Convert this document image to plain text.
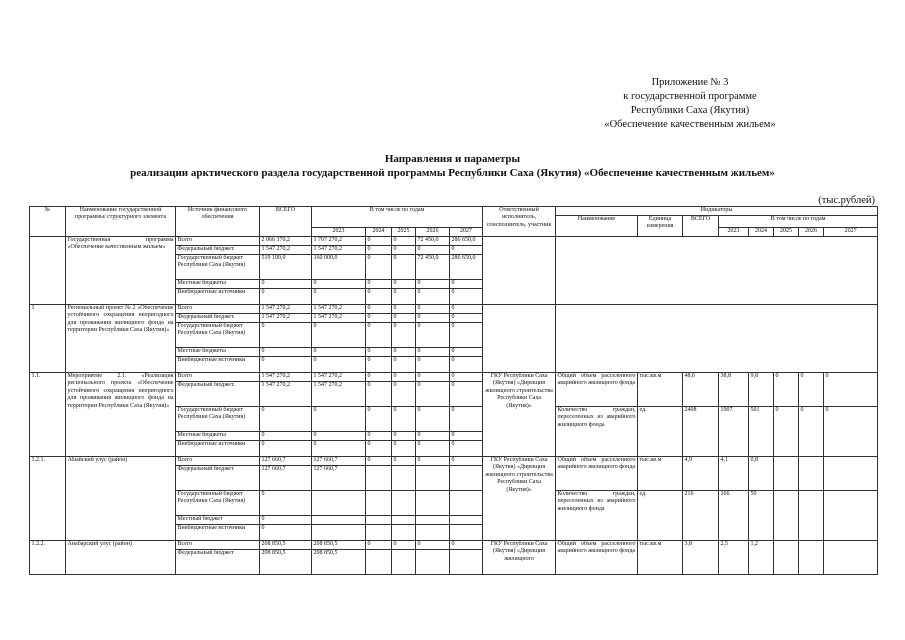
Приложение № 3
к государственной программе
Республики Саха (Якутия)
«Обеспечение качественным жильем»
Направления и параметры
реализации арктического раздела государственной программы Республики Саха (Якутия) «Обеспечение качественным жильем»
(тыс.рублей)
№	Наименование государственной программы/ структурного элемента	Источник финансового обеспечения	ВСЕГО	В том числе по годам					Ответственный исполнитель, соисполнитель, участник	Индикаторы							
										Наименование	Единица измерения	ВСЕГО	В том числе по годам				
				2023	2024	2025	2026	2027					2023	2024	2025	2026	2027
	Государственная программа «Обеспечение качественным жильем»	Всего	2 066 370,2	1 707 270,2	0	0	72 450,0	286 650,0									
		Федеральный бюджет.	1 547 270,2	1 547 270,2	0	0	0	0									
		Государственный бюджет Республики Саха (Якутия)	519 100,0	160 000,0	0	0	72 450,0	286 650,0									
		Местные бюджеты	0	0	0	0	0	0									
		Внебюджетные источники	0	0	0	0	0	0									
1	Региональный проект № 2 «Обеспечение устойчивого сокращения непригодного для проживания жилищного фонда на территории Республики Саха (Якутия)»	Всего	1 547 270,2	1 547 270,2	0	0	0	0									
		Федеральный бюджет.	1 547 270,2	1 547 270,2	0	0	0	0									
		Государственный бюджет Республики Саха (Якутия)	0	0	0	0	0	0									
		Местные бюджеты	0	0	0	0	0	0									
		Внебюджетные источники	0	0	0	0	0	0									
1.1.	Мероприятие 2.1. «Реализация регионального проекта «Обеспечение устойчивого сокращения непригодного для проживания жилищного фонда на территории Республики Саха (Якутия)»	Всего	1 547 270,2	1 547 270,2	0	0	0	0	ГКУ Республики Саха (Якутия) «Дирекция жилищного строительства Республики Саха (Якутия)»	Общий объем расселенного аварийного жилищного фонда	тыс.кв.м	48,6	38,8	9,8	0	0	0
		Федеральный бюджет.	1 547 270,2	1 547 270,2	0	0	0	0									
		Государственный бюджет Республики Саха (Якутия)	0	0	0	0	0	0		Количество граждан, переселенных из аварийного жилищного фонда	ед.	2408	1907	501	0	0	0
		Местные бюджеты	0	0	0	0	0	0									
		Внебюджетные источники	0	0	0	0	0	0									
1.2.1.	Абыйский улус (район)	Всего	127 660,7	127 660,7	0	0	0	0	ГКУ Республики Саха (Якутия) «Дирекция жилищного строительства Республики Саха (Якутия)»	Общий объем расселенного аварийного жилищного фонда	тыс.кв.м	4,9	4,1	0,8			
		Федеральный бюджет	127 660,7	127 660,7													
		Государственный бюджет Республики Саха (Якутия)	0							Количество граждан, переселенных из аварийного жилищного фонда	ед.	216	166	50			
		Местный бюджет	0														
		Внебюджетные источники	0														
1.2.2.	Анабарский улус (район)	Всего	208 850,5	208 850,5	0	0	0	0	ГКУ Республики Саха (Якутия) «Дирекция жилищного	Общий объем расселенного аварийного жилищного фонда	тыс.кв.м	3,8	2,5	1,2			
		Федеральный бюджет	208 850,5	208 850,5													
